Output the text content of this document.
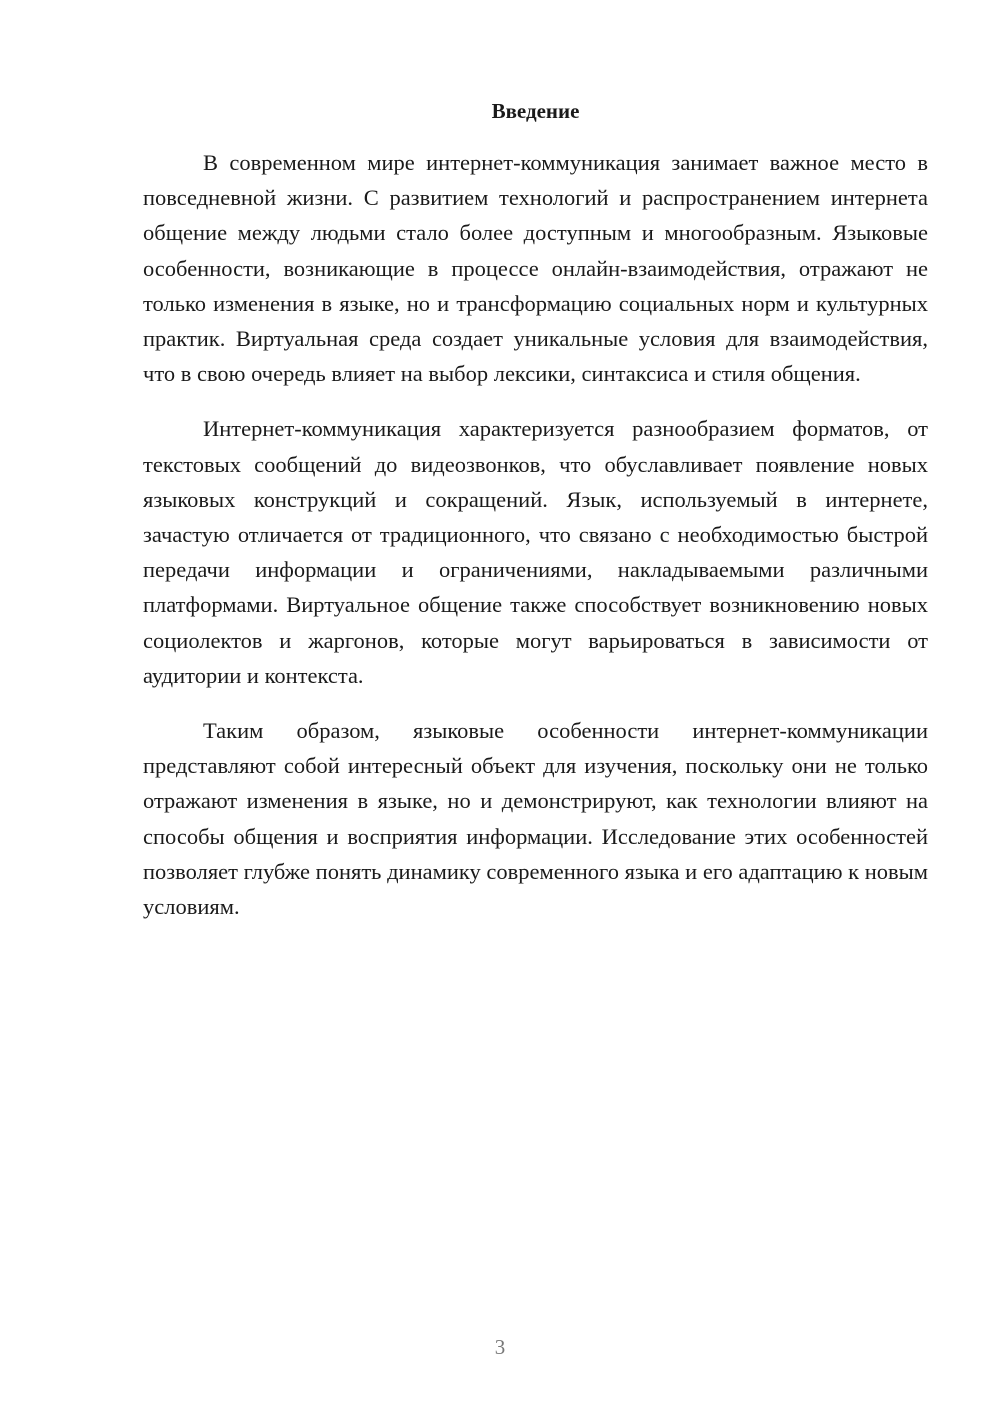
Введение

В современном мире интернет-коммуникация занимает важное место в повседневной жизни. С развитием технологий и распространением интернета общение между людьми стало более доступным и многообразным. Языковые особенности, возникающие в процессе онлайн-взаимодействия, отражают не только изменения в языке, но и трансформацию социальных норм и культурных практик. Виртуальная среда создает уникальные условия для взаимодействия, что в свою очередь влияет на выбор лексики, синтаксиса и стиля общения.

Интернет-коммуникация характеризуется разнообразием форматов, от текстовых сообщений до видеозвонков, что обуславливает появление новых языковых конструкций и сокращений. Язык, используемый в интернете, зачастую отличается от традиционного, что связано с необходимостью быстрой передачи информации и ограничениями, накладываемыми различными платформами. Виртуальное общение также способствует возникновению новых социолектов и жаргонов, которые могут варьироваться в зависимости от аудитории и контекста.

Таким образом, языковые особенности интернет-коммуникации представляют собой интересный объект для изучения, поскольку они не только отражают изменения в языке, но и демонстрируют, как технологии влияют на способы общения и восприятия информации. Исследование этих особенностей позволяет глубже понять динамику современного языка и его адаптацию к новым условиям.

3
